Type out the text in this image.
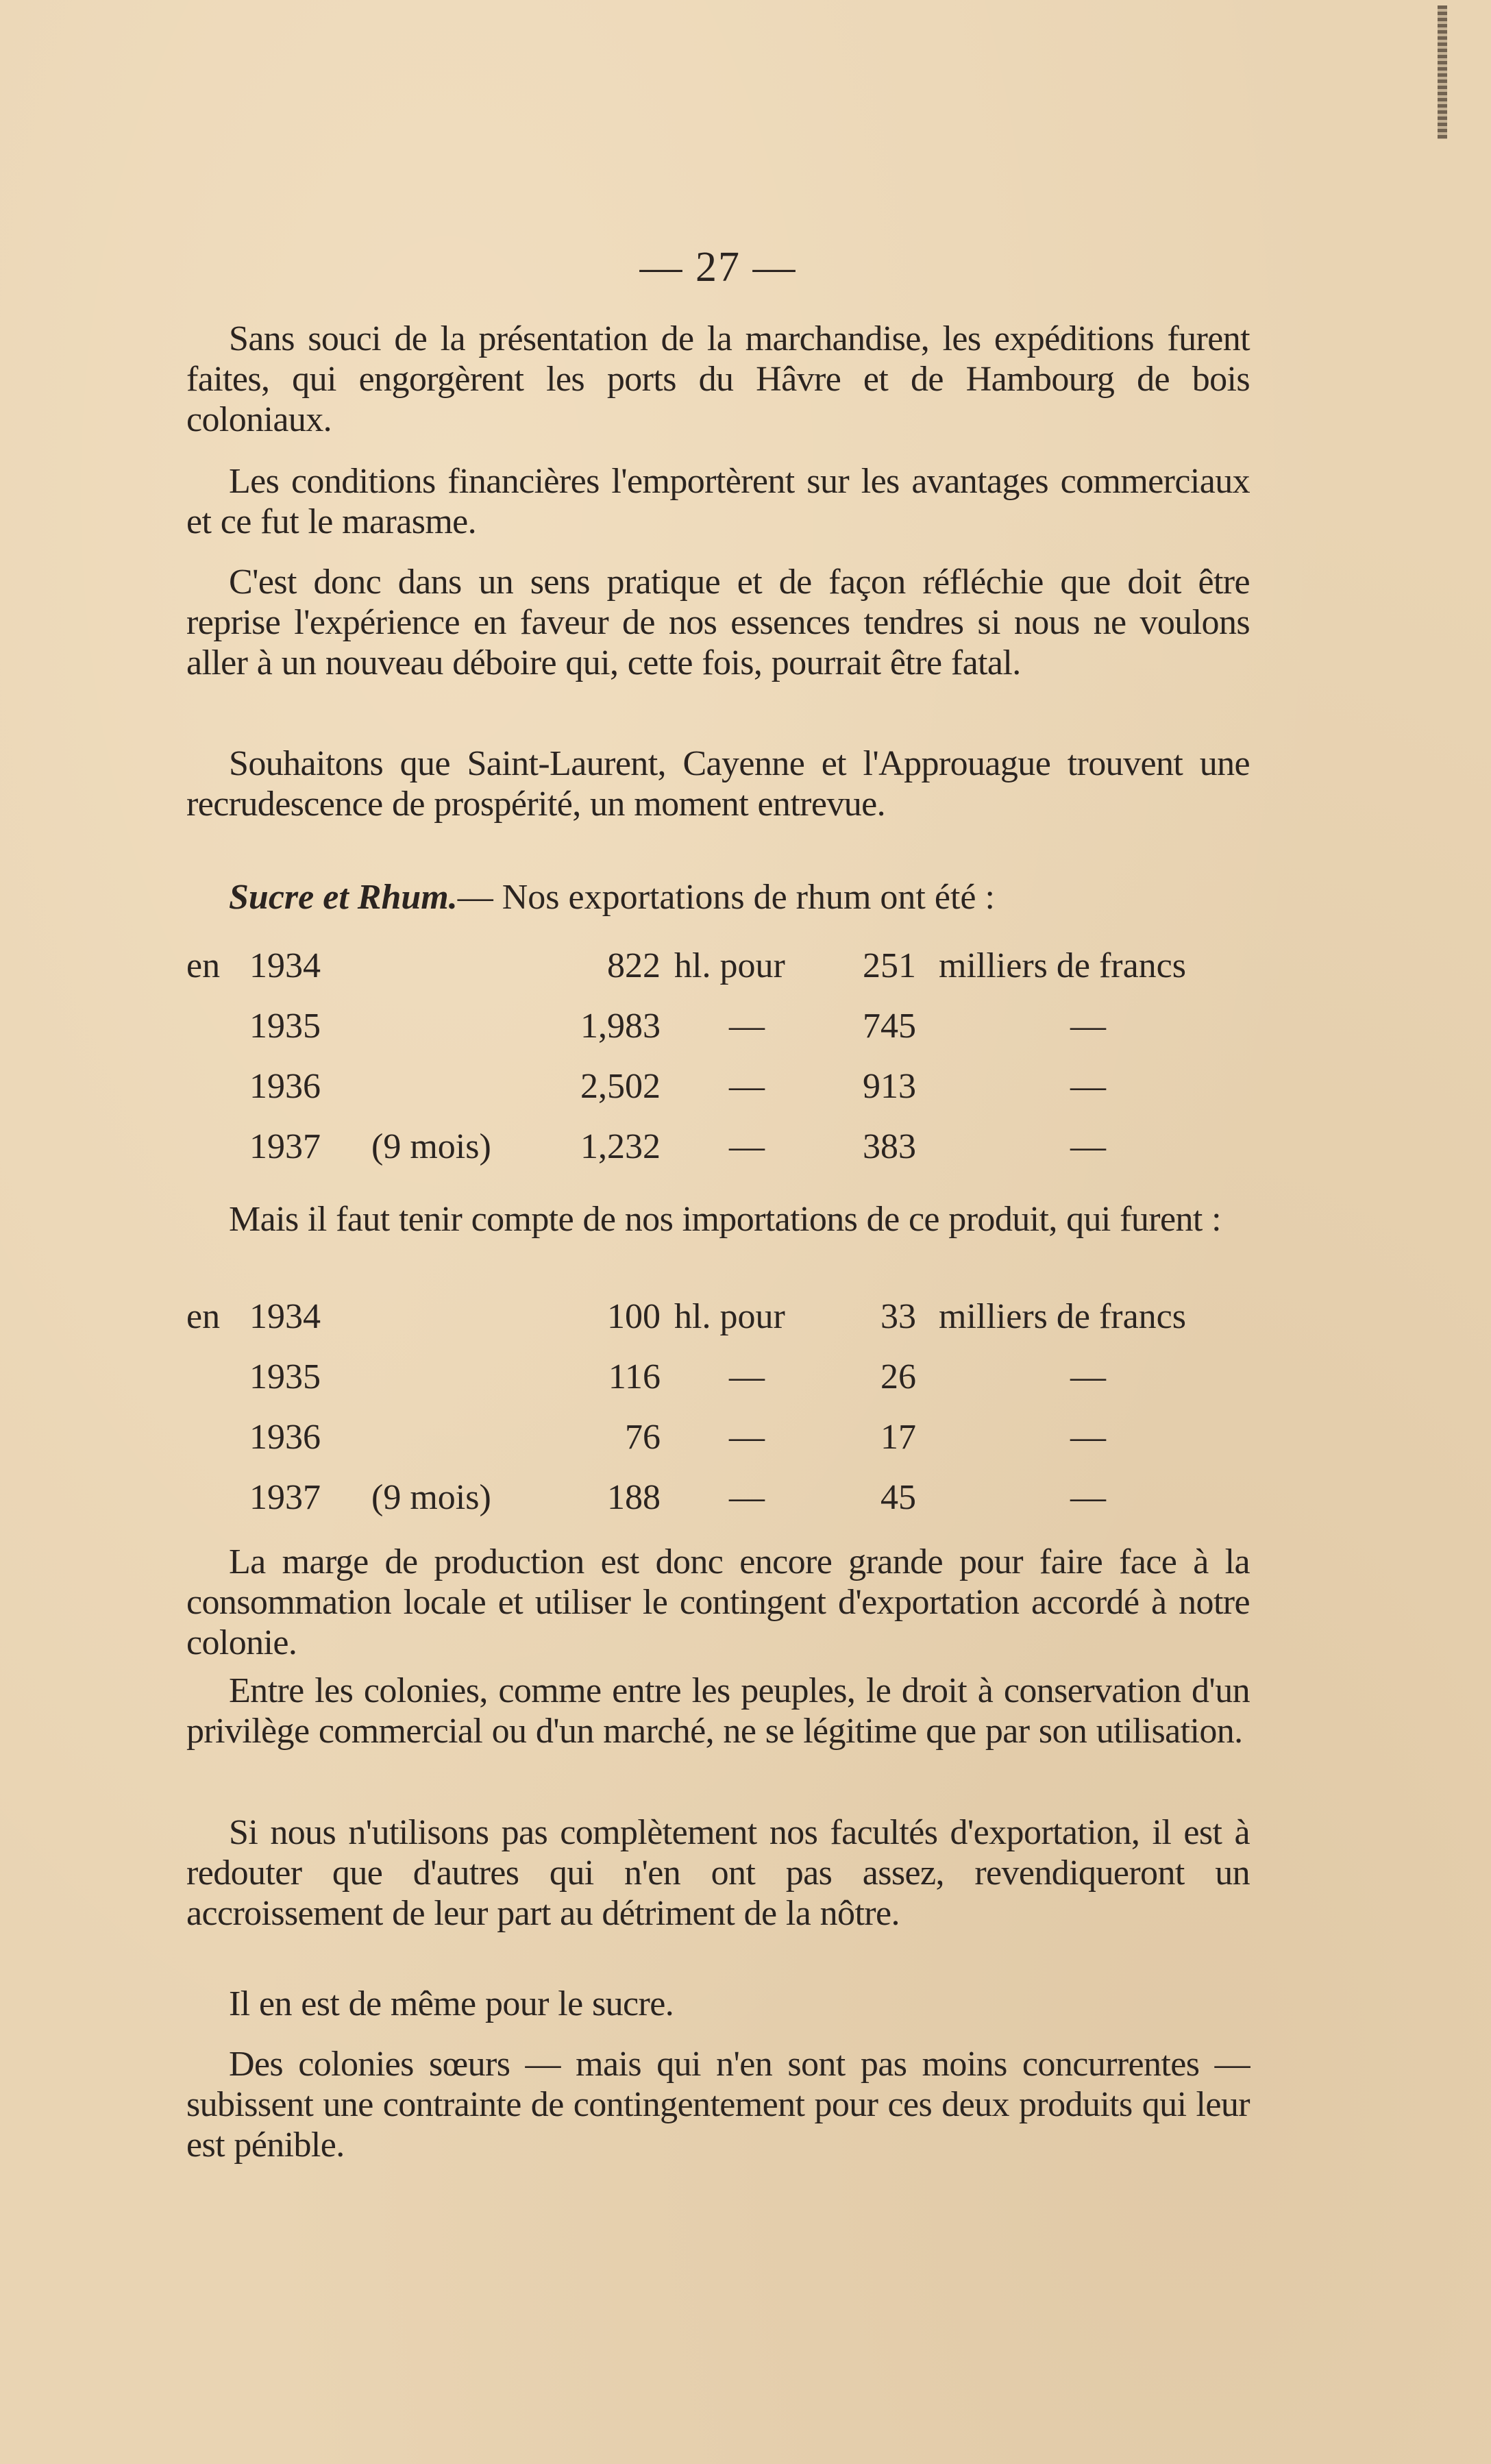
— 27 —

Sans souci de la présentation de la marchandise, les expéditions furent faites, qui engorgèrent les ports du Hâvre et de Hambourg de bois coloniaux.

Les conditions financières l'emportèrent sur les avantages commerciaux et ce fut le marasme.

C'est donc dans un sens pratique et de façon réfléchie que doit être reprise l'expérience en faveur de nos essences tendres si nous ne voulons aller à un nouveau déboire qui, cette fois, pourrait être fatal.

Souhaitons que Saint-Laurent, Cayenne et l'Approuague trouvent une recrudescence de prospérité, un moment entrevue.

Sucre et Rhum.— Nos exportations de rhum ont été :

en 1934	822 hl. pour 251 milliers de francs
1935	1,983 —	745	—
1936	2,502 —	913	—
1937 (9 mois)	1,232 —	383	—

Mais il faut tenir compte de nos importations de ce produit, qui furent :

en 1934	100 hl. pour	33 milliers de francs
1935	116 —	26	—
1936	76 —	17	—
1937 (9 mois)	188 —	45	—

La marge de production est donc encore grande pour faire face à la consommation locale et utiliser le contingent d'exportation accordé à notre colonie.

Entre les colonies, comme entre les peuples, le droit à conservation d'un privilège commercial ou d'un marché, ne se légitime que par son utilisation.

Si nous n'utilisons pas complètement nos facultés d'exportation, il est à redouter que d'autres qui n'en ont pas assez, revendiqueront un accroissement de leur part au détriment de la nôtre.

Il en est de même pour le sucre.

Des colonies sœurs — mais qui n'en sont pas moins concurrentes — subissent une contrainte de contingentement pour ces deux produits qui leur est pénible.
